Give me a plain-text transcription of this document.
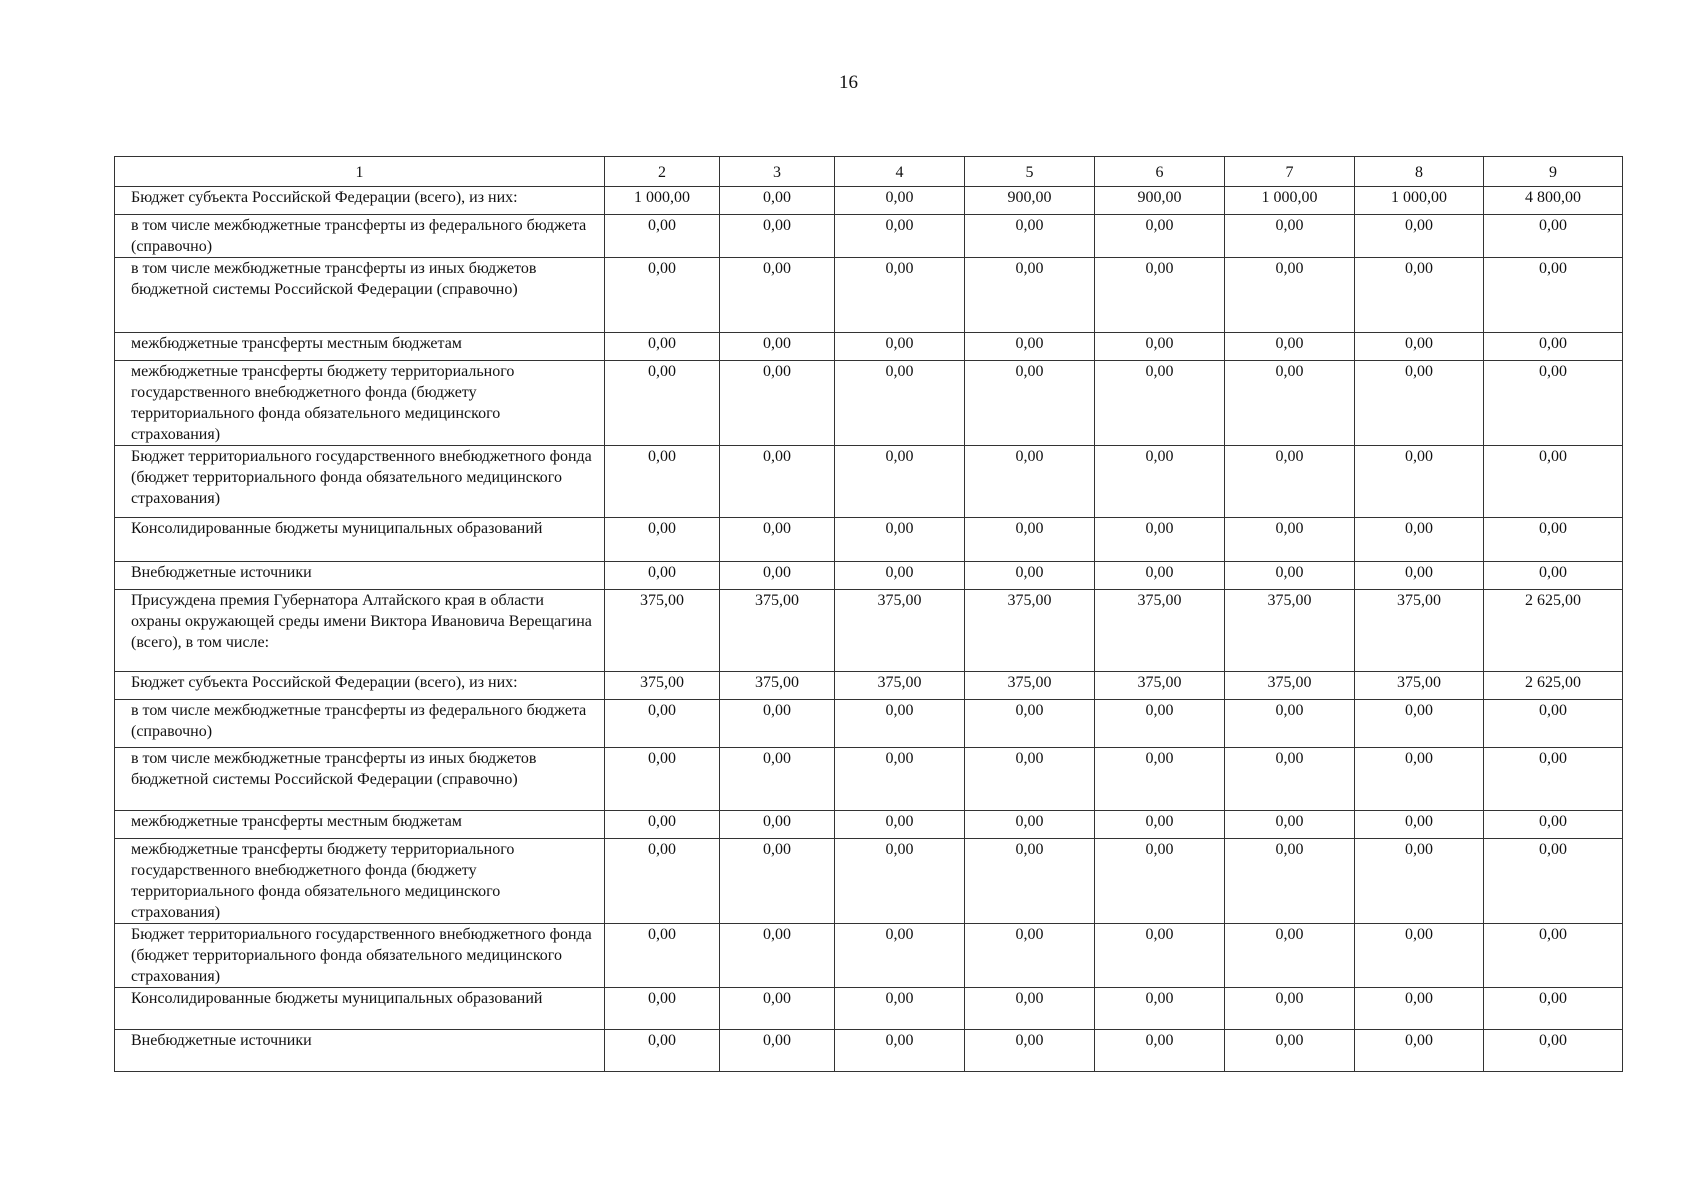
16
1	2	3	4	5	6	7	8	9
Бюджет субъекта Российской Федерации (всего), из них:	1 000,00	0,00	0,00	900,00	900,00	1 000,00	1 000,00	4 800,00
в том числе межбюджетные трансферты из федерального бюджета (справочно)	0,00	0,00	0,00	0,00	0,00	0,00	0,00	0,00
в том числе межбюджетные трансферты из иных бюджетов бюджетной системы Российской Федерации (справочно)	0,00	0,00	0,00	0,00	0,00	0,00	0,00	0,00
межбюджетные трансферты местным бюджетам	0,00	0,00	0,00	0,00	0,00	0,00	0,00	0,00
межбюджетные трансферты бюджету территориального государственного внебюджетного фонда (бюджету территориального фонда обязательного медицинского страхования)	0,00	0,00	0,00	0,00	0,00	0,00	0,00	0,00
Бюджет территориального государственного внебюджетного фонда (бюджет территориального фонда обязательного медицинского страхования)	0,00	0,00	0,00	0,00	0,00	0,00	0,00	0,00
Консолидированные бюджеты муниципальных образований	0,00	0,00	0,00	0,00	0,00	0,00	0,00	0,00
Внебюджетные источники	0,00	0,00	0,00	0,00	0,00	0,00	0,00	0,00
Присуждена премия Губернатора Алтайского края в области охраны окружающей среды имени Виктора Ивановича Верещагина (всего), в том числе:	375,00	375,00	375,00	375,00	375,00	375,00	375,00	2 625,00
Бюджет субъекта Российской Федерации (всего), из них:	375,00	375,00	375,00	375,00	375,00	375,00	375,00	2 625,00
в том числе межбюджетные трансферты из федерального бюджета (справочно)	0,00	0,00	0,00	0,00	0,00	0,00	0,00	0,00
в том числе межбюджетные трансферты из иных бюджетов бюджетной системы Российской Федерации (справочно)	0,00	0,00	0,00	0,00	0,00	0,00	0,00	0,00
межбюджетные трансферты местным бюджетам	0,00	0,00	0,00	0,00	0,00	0,00	0,00	0,00
межбюджетные трансферты бюджету территориального государственного внебюджетного фонда (бюджету территориального фонда обязательного медицинского страхования)	0,00	0,00	0,00	0,00	0,00	0,00	0,00	0,00
Бюджет территориального государственного внебюджетного фонда (бюджет территориального фонда обязательного медицинского страхования)	0,00	0,00	0,00	0,00	0,00	0,00	0,00	0,00
Консолидированные бюджеты муниципальных образований	0,00	0,00	0,00	0,00	0,00	0,00	0,00	0,00
Внебюджетные источники	0,00	0,00	0,00	0,00	0,00	0,00	0,00	0,00
